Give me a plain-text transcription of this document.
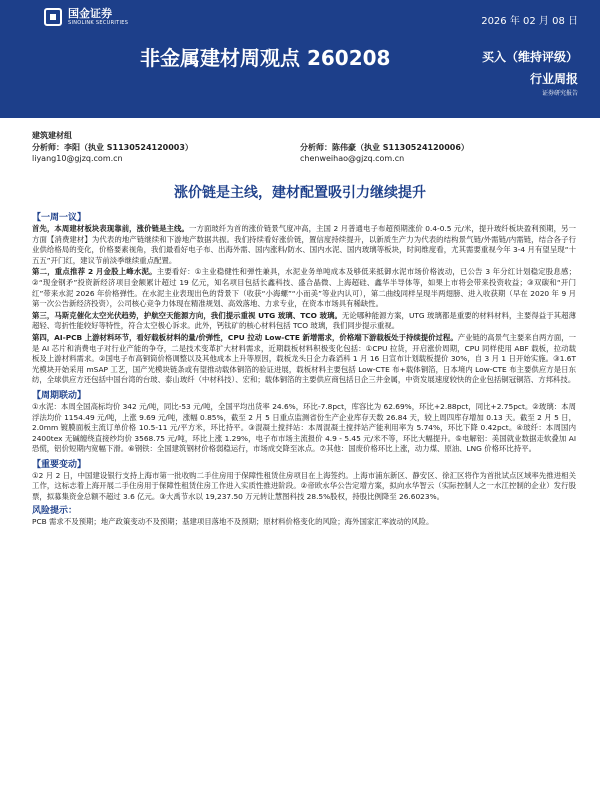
国金证券
SINOLINK SECURITIES	2026 年 02 月 08 日
非金属建材周观点 260208	买入（维持评级）
行业周报
证券研究报告
建筑建材组
分析师：李阳（执业 S1130524120003）
liyang10@gjzq.com.cn
分析师：陈伟豪（执业 S1130524120006）
chenweihao@gjzq.com.cn
涨价链是主线，建材配置吸引力继续提升
【一周一议】

首先，本周建材板块表现靠前，涨价链是主线。一方面玻纤为首的涨价链景气度冲高，主国 2 月普通电子布超预期涨价 0.4-0.5 元/米，提升玻纤板块盈利预期，另一方面【消费建材】为代表的地产链继续和下游地产数据共振。我们持续看好涨价链，置信度持续提升，以新质生产力为代表的结构景气链/外需链/内需链，结合各子行业供给格局的变化，价格要素视角，我们最看好电子布、出海外需、国内涨料/防水、国内水泥、国内玻璃等板块，时间维度看，尤其需要重视今年 3-4 月有望呈现“十五五”开门红，建议节前淡季继续重点配置。

第二，重点推荐 2 月金股上峰水泥。主要看好：①主业稳健性和弹性兼具，水泥业务单吨成本及够低来抵御水泥市场价格波动，已公告 3 年分红计划稳定股息感；②“现金钢矛”投资新经济项目金额累计超过 19 亿元，知名项目包括长鑫科技、盛合晶微、上海超硅、鑫华半导体等，如果上市将会带来投资收益；③双碳和“开门红”带来水泥 2026 年价格弹性。在水泥主业表现出色的背景下（收获“小海螺”“小而美”等业内认可），第二曲线同样呈现半两翅膀、进入收获期（早在 2020 年 9 月第一次公告新经济投资），公司核心竞争力体现在精准规划、高效落地、力求专业，在资本市场具有稀缺性。

第三，马斯克催化太空光伏趋势，护航空天能源方向，我们提示重视 UTG 玻璃、TCO 玻璃。无论哪种能源方案，UTG 玻璃都是重要的材料材料，主要得益于其超薄超轻、弯折性能较好等特性，符合太空极心诉求。此外，钙钛矿的核心材料包括 TCO 玻璃，我们同步提示重视。

第四，AI-PCB 上游材料环节，看好载板材料的量/价弹性，CPU 拉动 Low-CTE 新增需求，价格端下游载板处于持续提价过程。产业链的高景气主要来自两方面，一是 AI 芯片和消费电子对行业产能的争夺，二是技术变革扩大材料需求，近期载板材料积极变化包括：①CPU 拉货，开启涨价周期，CPU 同样使用 ABF 载板，拉动载板及上游材料需求。②国电子布高铜筒价格调整以及其他成本上升等原因，载板龙头日企力森滔科 1 月 16 日宣布计划载板提价 30%，自 3 月 1 日开始实施。③1.6T 光模块开始采用 mSAP 工艺，国产光模块链条或有望推动载体铜箔的验证进展，载板材料主要包括 Low-CTE 布+载体铜箔，日本境内 Low-CTE 布主要供应方是日东纺，全球供应方还包括中国台湾的台玻、泰山玻纤（中材科技）、宏和；载体铜箔的主要供应商包括日企三井金属，中资发展速度较快的企业包括铜冠铜箔、方邦科技。

【周期联动】

①水泥：本周全国高标均价 342 元/吨，同比-53 元/吨，全国平均出货率 24.6%，环比-7.8pct，库容比为 62.69%，环比+2.88pct，同比+2.75pct。②玻璃：本周浮法均价 1154.49 元/吨，上涨 9.69 元/吨，涨幅 0.85%，截至 2 月 5 日重点监测省份生产企业库存天数 26.84 天，较上周四库存增加 0.13 天。截至 2 月 5 日，2.0mm 镀膜面板主流订单价格 10.5-11 元/平方米，环比持平。③混凝土搅拌站：本周混凝土搅拌站产能利用率为 5.74%，环比下降 0.42pct。④玻纤：本周国内 2400tex 无碱缠绕直接纱均价 3568.75 元/吨，环比上涨 1.29%，电子布市场主流报价 4.9 - 5.45 元/米不等，环比大幅提升。⑤电解铝：美国就业数据走软叠加 AI 恐慌，铝价短期内宽幅下滑。⑥钢铁：全国建筑钢材价格弱稳运行，市场成交降至冰点。⑦其他：国废价格环比上涨，动力煤、原油、LNG 价格环比持平。

【重要变动】

①2 月 2 日，中国建设银行支持上海市第一批收购二手住房用于保障性租赁住房项目在上海签约。上海市浦东新区、静安区、徐汇区将作为首批试点区域率先推进相关工作，这标志着上海开展二手住房用于保障性租赁住房工作进入实质性推进阶段。②帝欧水华公告定增方案，拟向水华智云（实际控制人之一水江控制的企业）发行股票，拟募集资金总额不超过 3.6 亿元。③大禹节水以 19,237.50 万元转让慧图科技 28.5%股权，持股比例降至 26.6023%。

风险提示：

PCB 需求不及预期；地产政策变动不及预期；基建项目落地不及预期；原材料价格变化的风险；海外国家汇率波动的风险。
